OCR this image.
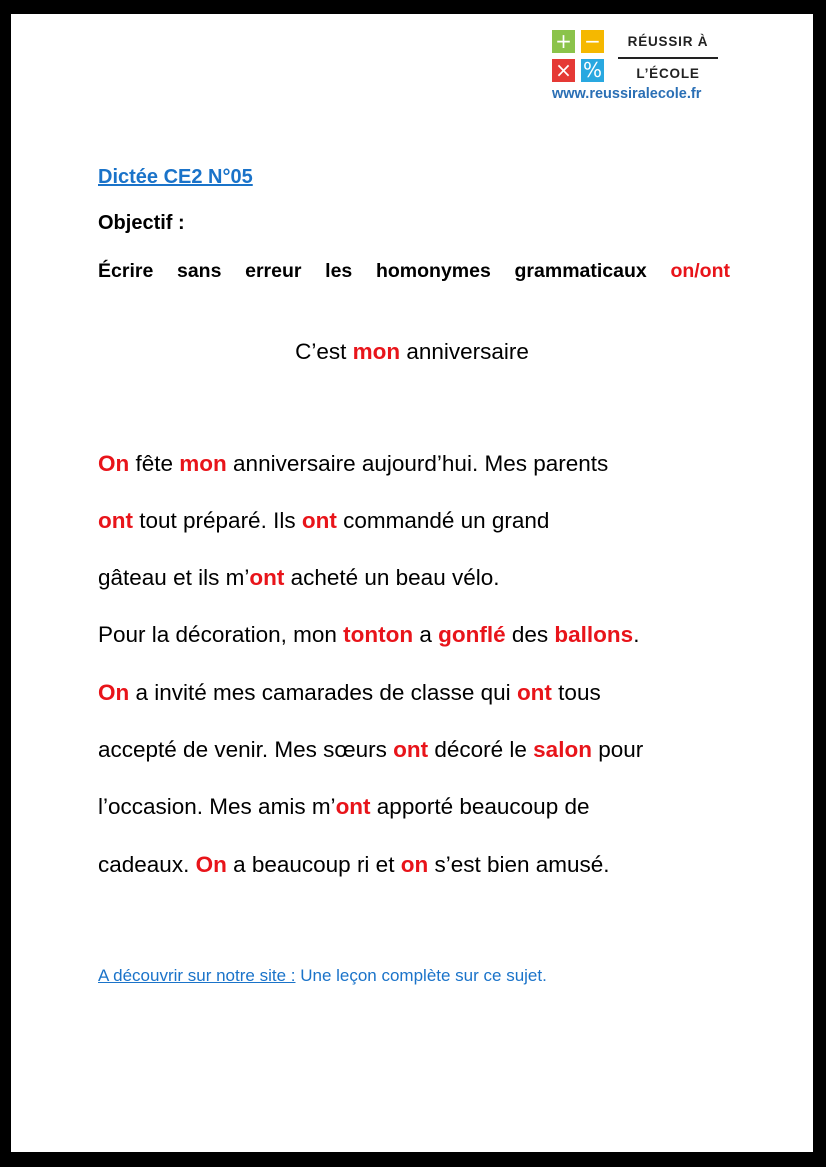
+ −
× %
RÉUSSIR À
L’ÉCOLE
www.reussiralecole.fr
Dictée CE2 N°05
Objectif :
Écrire sans erreur les homonymes grammaticaux on/ont
C’est mon anniversaire
On fête mon anniversaire aujourd’hui. Mes parents
ont tout préparé. Ils ont commandé un grand
gâteau et ils m’ont acheté un beau vélo.
Pour la décoration, mon tonton a gonflé des ballons.
On a invité mes camarades de classe qui ont tous
accepté de venir. Mes sœurs ont décoré le salon pour
l’occasion. Mes amis m’ont apporté beaucoup de
cadeaux. On a beaucoup ri et on s’est bien amusé.
A découvrir sur notre site : Une leçon complète sur ce sujet.
